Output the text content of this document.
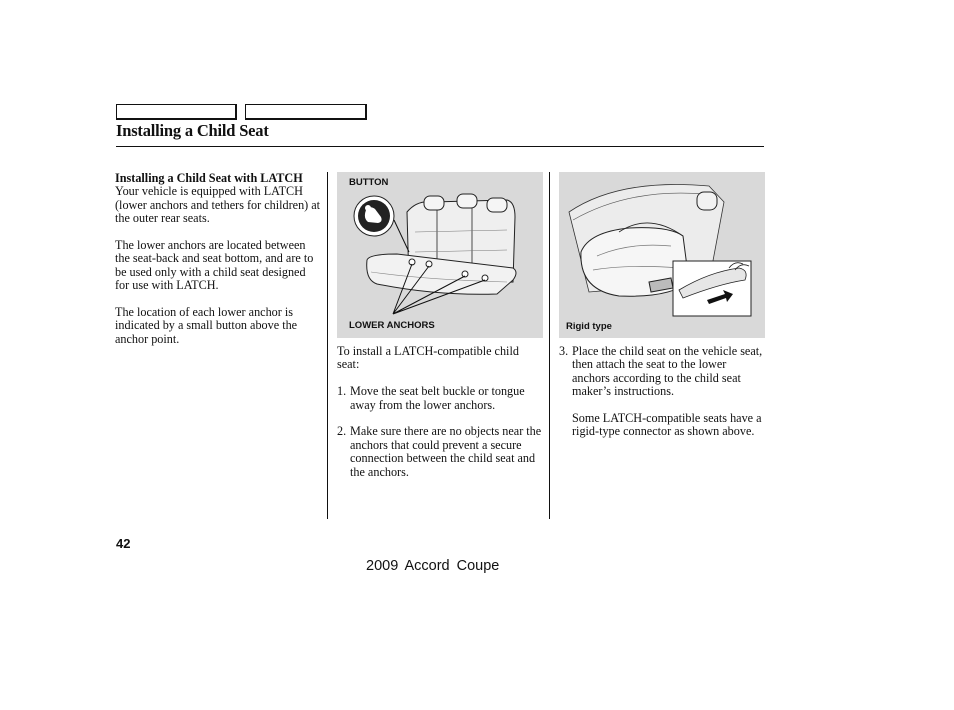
Installing a Child Seat

Installing a Child Seat with LATCH

Your vehicle is equipped with LATCH (lower anchors and tethers for children) at the outer rear seats.

The lower anchors are located between the seat-back and seat bottom, and are to be used only with a child seat designed for use with LATCH.

The location of each lower anchor is indicated by a small button above the anchor point.

BUTTON
LOWER ANCHORS	Rigid type

To install a LATCH-compatible child seat:

1. Move the seat belt buckle or tongue away from the lower anchors.
2. Make sure there are no objects near the anchors that could prevent a secure connection between the child seat and the anchors.
3. Place the child seat on the vehicle seat, then attach the seat to the lower anchors according to the child seat maker’s instructions.

Some LATCH-compatible seats have a rigid-type connector as shown above.

42
2009 Accord Coupe
